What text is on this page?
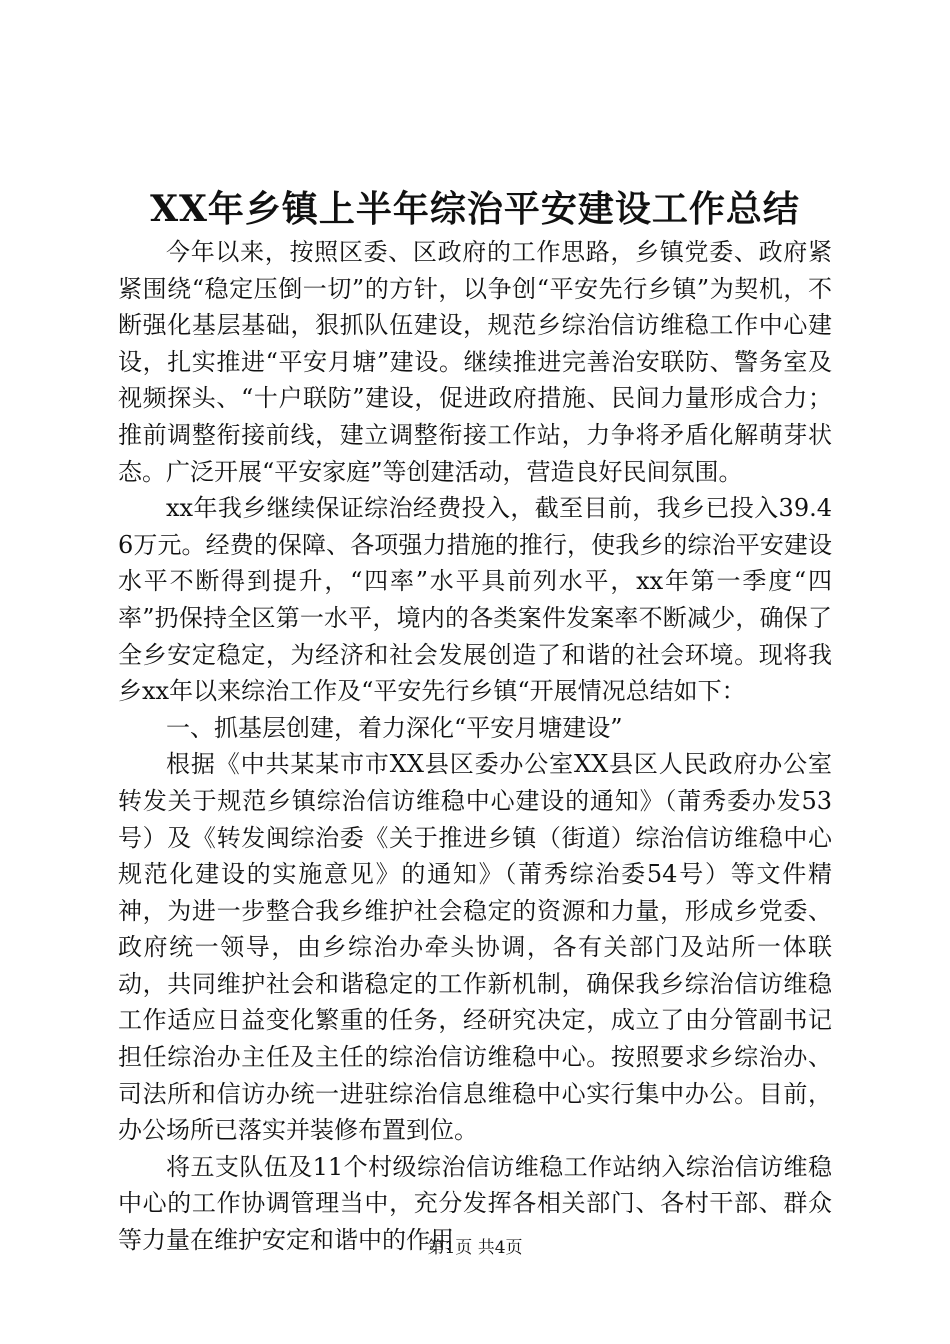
XX年乡镇上半年综治平安建设工作总结

今年以来，按照区委、区政府的工作思路，乡镇党委、政府紧紧围绕“稳定压倒一切”的方针，以争创“平安先行乡镇”为契机，不断强化基层基础，狠抓队伍建设，规范乡综治信访维稳工作中心建设，扎实推进“平安月塘”建设。继续推进完善治安联防、警务室及视频探头、“十户联防”建设，促进政府措施、民间力量形成合力；推前调整衔接前线，建立调整衔接工作站，力争将矛盾化解萌芽状态。广泛开展“平安家庭”等创建活动，营造良好民间氛围。

xx年我乡继续保证综治经费投入，截至目前，我乡已投入39.46万元。经费的保障、各项强力措施的推行，使我乡的综治平安建设水平不断得到提升，“四率”水平具前列水平，xx年第一季度“四率”扔保持全区第一水平，境内的各类案件发案率不断减少，确保了全乡安定稳定，为经济和社会发展创造了和谐的社会环境。现将我乡xx年以来综治工作及“平安先行乡镇“开展情况总结如下：

一、抓基层创建，着力深化“平安月塘建设”

根据《中共某某市市XX县区委办公室XX县区人民政府办公室转发关于规范乡镇综治信访维稳中心建设的通知》（莆秀委办发53号）及《转发闽综治委《关于推进乡镇（街道）综治信访维稳中心规范化建设的实施意见》的通知》（莆秀综治委54号）等文件精神，为进一步整合我乡维护社会稳定的资源和力量，形成乡党委、政府统一领导，由乡综治办牵头协调，各有关部门及站所一体联动，共同维护社会和谐稳定的工作新机制，确保我乡综治信访维稳工作适应日益变化繁重的任务，经研究决定，成立了由分管副书记担任综治办主任及主任的综治信访维稳中心。按照要求乡综治办、司法所和信访办统一进驻综治信息维稳中心实行集中办公。目前，办公场所已落实并装修布置到位。

将五支队伍及11个村级综治信访维稳工作站纳入综治信访维稳中心的工作协调管理当中，充分发挥各相关部门、各村干部、群众等力量在维护安定和谐中的作用

第1页 共4页
